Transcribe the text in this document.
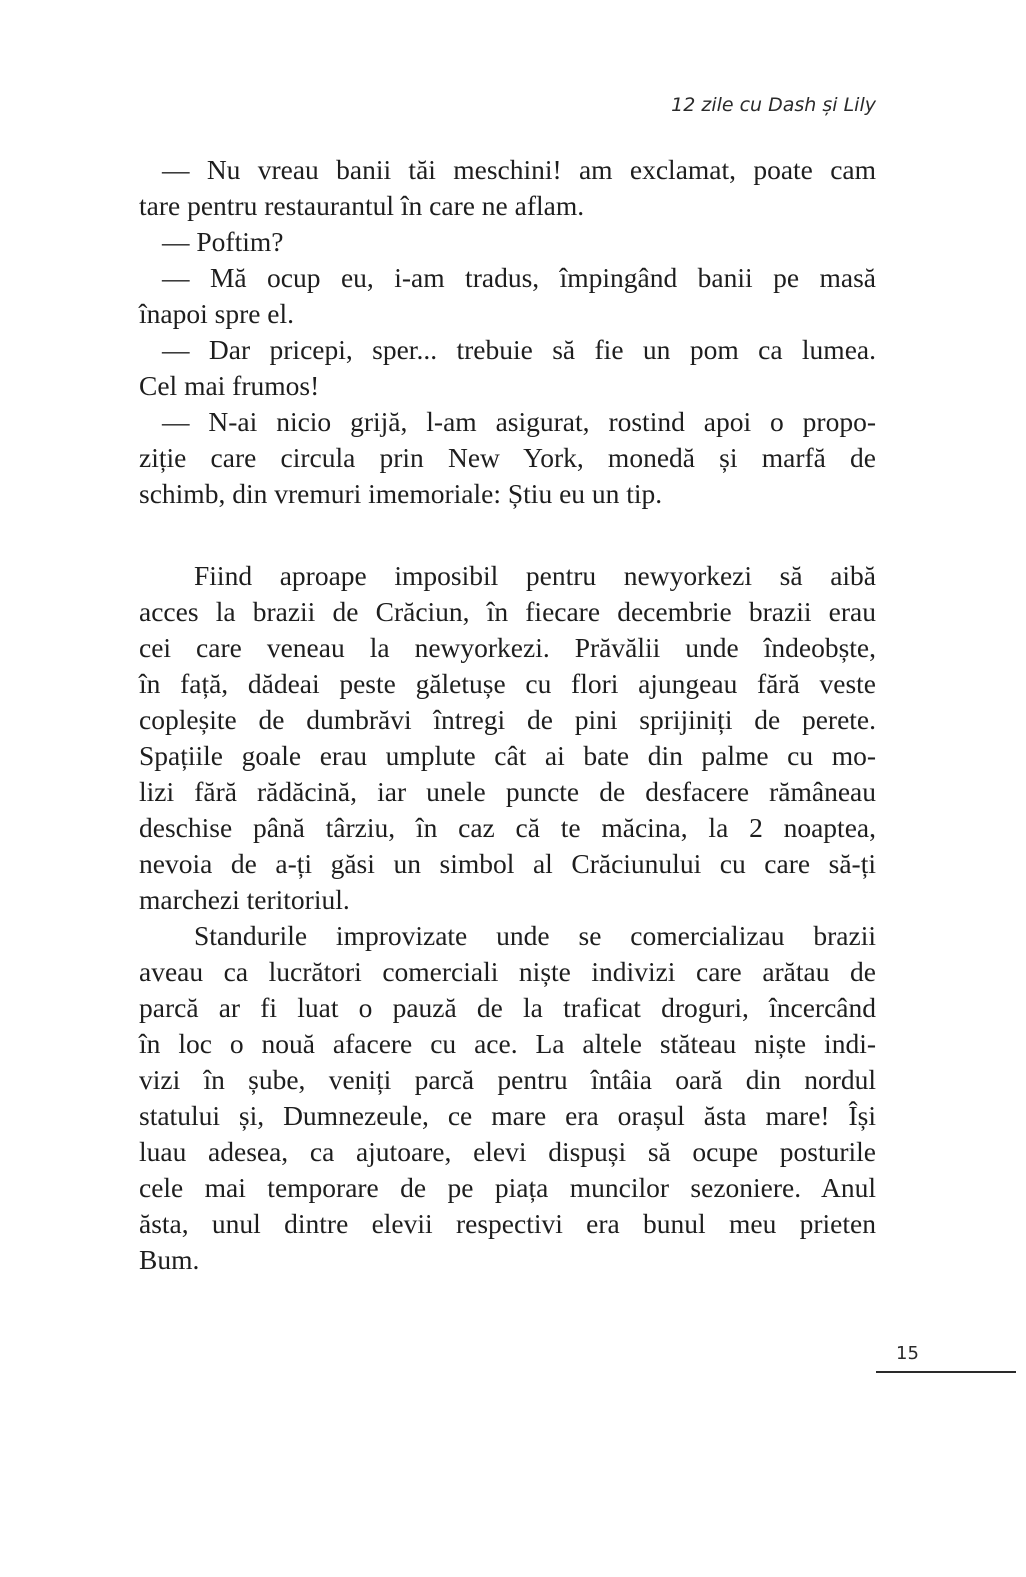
12 zile cu Dash și Lily
— Nu vreau banii tăi meschini! am exclamat, poate cam
tare pentru restaurantul în care ne aflam.
— Poftim?
— Mă ocup eu, i-am tradus, împingând banii pe masă
înapoi spre el.
— Dar pricepi, sper... trebuie să fie un pom ca lumea.
Cel mai frumos!
— N-ai nicio grijă, l-am asigurat, rostind apoi o propo-
ziție care circula prin New York, monedă și marfă de
schimb, din vremuri imemoriale: Știu eu un tip.
Fiind aproape imposibil pentru newyorkezi să aibă
acces la brazii de Crăciun, în fiecare decembrie brazii erau
cei care veneau la newyorkezi. Prăvălii unde îndeobște,
în față, dădeai peste găletușe cu flori ajungeau fără veste
copleșite de dumbrăvi întregi de pini sprijiniți de perete.
Spațiile goale erau umplute cât ai bate din palme cu mo-
lizi fără rădăcină, iar unele puncte de desfacere rămâneau
deschise până târziu, în caz că te măcina, la 2 noaptea,
nevoia de a-ți găsi un simbol al Crăciunului cu care să-ți
marchezi teritoriul.
Standurile improvizate unde se comercializau brazii
aveau ca lucrători comerciali niște indivizi care arătau de
parcă ar fi luat o pauză de la traficat droguri, încercând
în loc o nouă afacere cu ace. La altele stăteau niște indi-
vizi în șube, veniți parcă pentru întâia oară din nordul
statului și, Dumnezeule, ce mare era orașul ăsta mare! Își
luau adesea, ca ajutoare, elevi dispuși să ocupe posturile
cele mai temporare de pe piața muncilor sezoniere. Anul
ăsta, unul dintre elevii respectivi era bunul meu prieten
Bum.
15
